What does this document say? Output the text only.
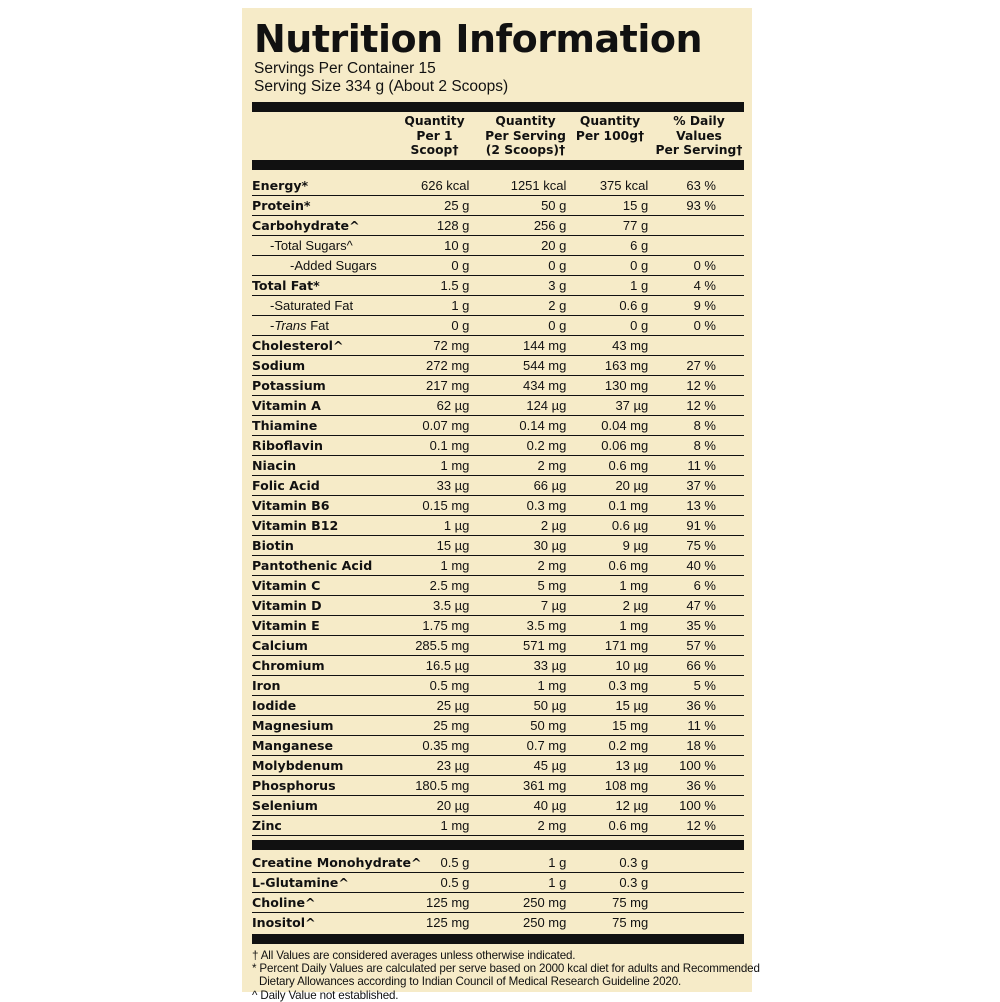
Nutrition Information
Servings Per Container 15
Serving Size 334 g (About 2 Scoops)

Quantity
Per 1 Scoop†

Quantity
Per Serving
(2 Scoops)†

Quantity
Per 100g†

% Daily
Values
Per Serving†
Energy*	626 kcal	1251 kcal	375 kcal	63 %
Protein*	25 g	50 g	15 g	93 %
Carbohydrate^	128 g	256 g	77 g	
-Total Sugars^	10 g	20 g	6 g	
-Added Sugars	0 g	0 g	0 g	0 %
Total Fat*	1.5 g	3 g	1 g	4 %
-Saturated Fat	1 g	2 g	0.6 g	9 %
-Trans Fat	0 g	0 g	0 g	0 %
Cholesterol^	72 mg	144 mg	43 mg	
Sodium	272 mg	544 mg	163 mg	27 %
Potassium	217 mg	434 mg	130 mg	12 %
Vitamin A	62 µg	124 µg	37 µg	12 %
Thiamine	0.07 mg	0.14 mg	0.04 mg	8 %
Riboflavin	0.1 mg	0.2 mg	0.06 mg	8 %
Niacin	1 mg	2 mg	0.6 mg	11 %
Folic Acid	33 µg	66 µg	20 µg	37 %
Vitamin B6	0.15 mg	0.3 mg	0.1 mg	13 %
Vitamin B12	1 µg	2 µg	0.6 µg	91 %
Biotin	15 µg	30 µg	9 µg	75 %
Pantothenic Acid	1 mg	2 mg	0.6 mg	40 %
Vitamin C	2.5 mg	5 mg	1 mg	6 %
Vitamin D	3.5 µg	7 µg	2 µg	47 %
Vitamin E	1.75 mg	3.5 mg	1 mg	35 %
Calcium	285.5 mg	571 mg	171 mg	57 %
Chromium	16.5 µg	33 µg	10 µg	66 %
Iron	0.5 mg	1 mg	0.3 mg	5 %
Iodide	25 µg	50 µg	15 µg	36 %
Magnesium	25 mg	50 mg	15 mg	11 %
Manganese	0.35 mg	0.7 mg	0.2 mg	18 %
Molybdenum	23 µg	45 µg	13 µg	100 %
Phosphorus	180.5 mg	361 mg	108 mg	36 %
Selenium	20 µg	40 µg	12 µg	100 %
Zinc	1 mg	2 mg	0.6 mg	12 %
Creatine Monohydrate^	0.5 g	1 g	0.3 g	
L-Glutamine^	0.5 g	1 g	0.3 g	
Choline^	125 mg	250 mg	75 mg	
Inositol^	125 mg	250 mg	75 mg	
† All Values are considered averages unless otherwise indicated.
* Percent Daily Values are calculated per serve based on 2000 kcal diet for adults and Recommended
Dietary Allowances according to Indian Council of Medical Research Guideline 2020.
^ Daily Value not established.
